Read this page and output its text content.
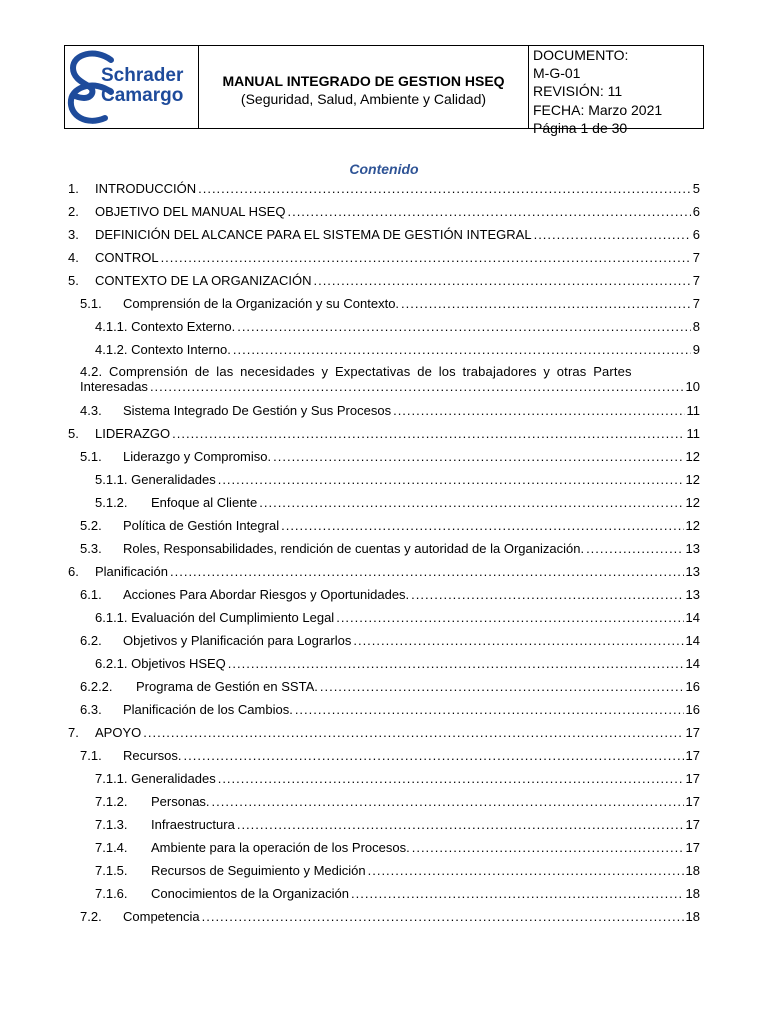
Schrader
Camargo
MANUAL INTEGRADO DE GESTION HSEQ
(Seguridad, Salud, Ambiente y Calidad)
DOCUMENTO:
M-G-01
REVISIÓN: 11
FECHA: Marzo 2021
Página 1 de 30
Contenido
1.	INTRODUCCIÓN .....	5
2.	OBJETIVO DEL MANUAL HSEQ .....	6
3.	DEFINICIÓN DEL ALCANCE PARA EL SISTEMA DE GESTIÓN INTEGRAL .....	6
4.	CONTROL .....	7
5.	CONTEXTO DE LA ORGANIZACIÓN .....	7
5.1.	Comprensión de la Organización y su Contexto. .....	7
4.1.1. Contexto Externo. .....	8
4.1.2. Contexto Interno. .....	9
4.2. Comprensión de las necesidades y Expectativas de los trabajadores y otras Partes
Interesadas .....	10
4.3.	Sistema Integrado De Gestión y Sus Procesos .....	11
5.	LIDERAZGO .....	11
5.1.	Liderazgo y Compromiso. .....	12
5.1.1. Generalidades .....	12
5.1.2.	Enfoque al Cliente .....	12
5.2.	Política de Gestión Integral .....	12
5.3.	Roles, Responsabilidades, rendición de cuentas y autoridad de la Organización. .....	13
6.	Planificación .....	13
6.1.	Acciones Para Abordar Riesgos y Oportunidades. .....	13
6.1.1. Evaluación del Cumplimiento Legal .....	14
6.2.	Objetivos y Planificación para Lograrlos .....	14
6.2.1. Objetivos HSEQ .....	14
6.2.2.	Programa de Gestión en SSTA. .....	16
6.3.	Planificación de los Cambios. .....	16
7.	APOYO .....	17
7.1.	Recursos. .....	17
7.1.1. Generalidades .....	17
7.1.2.	Personas. .....	17
7.1.3.	Infraestructura .....	17
7.1.4.	Ambiente para la operación de los Procesos. .....	17
7.1.5.	Recursos de Seguimiento y Medición .....	18
7.1.6.	Conocimientos de la Organización .....	18
7.2.	Competencia .....	18
